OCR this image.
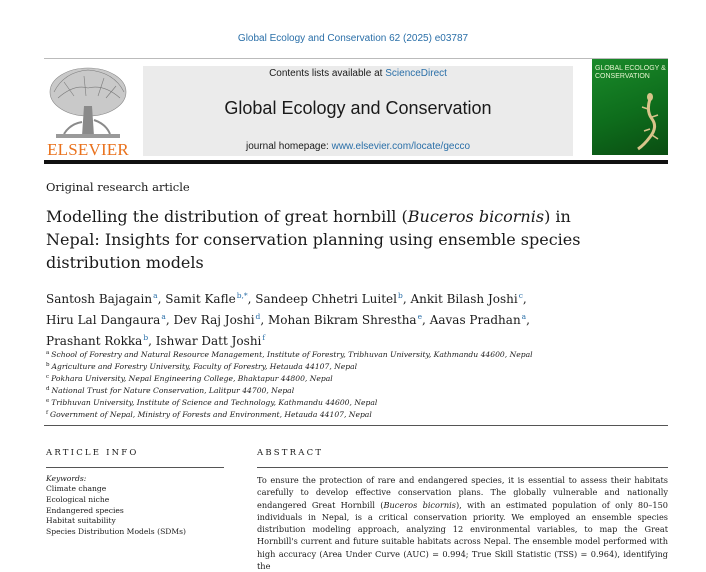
Global Ecology and Conservation 62 (2025) e03787
ELSEVIER
Contents lists available at ScienceDirect
Global Ecology and Conservation
journal homepage: www.elsevier.com/locate/gecco
GLOBAL ECOLOGY & CONSERVATION
Original research article
Modelling the distribution of great hornbill (Buceros bicornis) in Nepal: Insights for conservation planning using ensemble species distribution models
Santosh Bajagain$^a$, Samit Kafle$^{b,*}$, Sandeep Chhetri Luitel$^b$, Ankit Bilash Joshi$^c$,
Hiru Lal Dangaura$^a$, Dev Raj Joshi$^d$, Mohan Bikram Shrestha$^e$, Aavas Pradhan$^a$,
Prashant Rokka$^b$, Ishwar Datt Joshi$^f$
$^a$ School of Forestry and Natural Resource Management, Institute of Forestry, Tribhuvan University, Kathmandu 44600, Nepal
$^b$ Agriculture and Forestry University, Faculty of Forestry, Hetauda 44107, Nepal
$^c$ Pokhara University, Nepal Engineering College, Bhaktapur 44800, Nepal
$^d$ National Trust for Nature Conservation, Lalitpur 44700, Nepal
$^e$ Tribhuvan University, Institute of Science and Technology, Kathmandu 44600, Nepal
$^f$ Government of Nepal, Ministry of Forests and Environment, Hetauda 44107, Nepal
ARTICLE INFO
Keywords:
Climate change
Ecological niche
Endangered species
Habitat suitability
Species Distribution Models (SDMs)
ABSTRACT
To ensure the protection of rare and endangered species, it is essential to assess their habitats carefully to develop effective conservation plans. The globally vulnerable and nationally endangered Great Hornbill (Buceros bicornis), with an estimated population of only 80–150 individuals in Nepal, is a critical conservation priority. We employed an ensemble species distribution modeling approach, analyzing 12 environmental variables, to map the Great Hornbill's current and future suitable habitats across Nepal. The ensemble model performed with high accuracy (Area Under Curve (AUC) = 0.994; True Skill Statistic (TSS) = 0.964), identifying the
